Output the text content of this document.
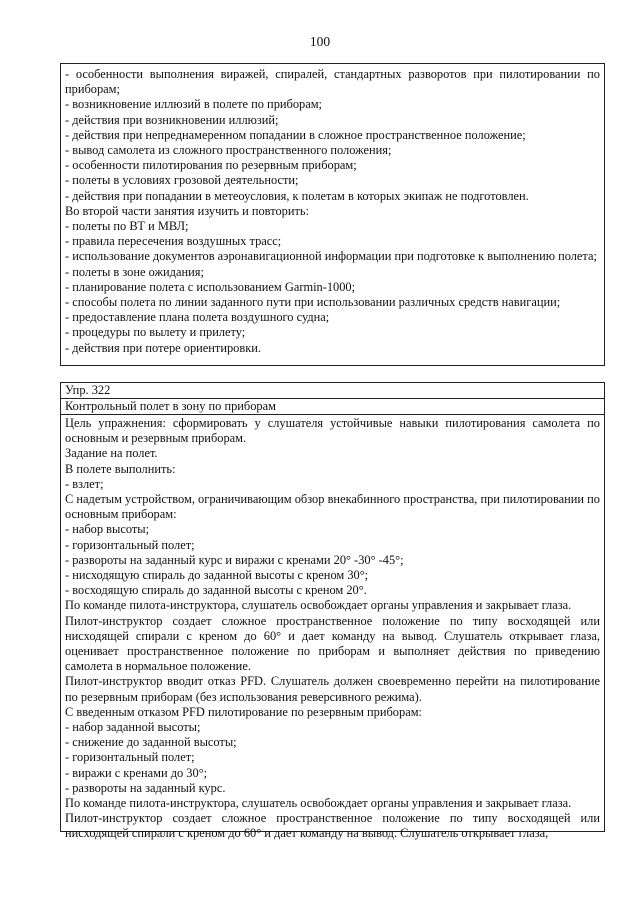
100

- особенности выполнения виражей, спиралей, стандартных разворотов при пилотировании по приборам;

- возникновение иллюзий в полете по приборам;

- действия при возникновении иллюзий;

- действия при непреднамеренном попадании в сложное пространственное положение;

- вывод самолета из сложного пространственного положения;

- особенности пилотирования по резервным приборам;

- полеты в условиях грозовой деятельности;

- действия при попадании в метеоусловия, к полетам в которых экипаж не подготовлен.

Во второй части занятия изучить и повторить:

- полеты по ВТ и МВЛ;

- правила пересечения воздушных трасс;

- использование документов аэронавигационной информации при подготовке к выполнению полета;

- полеты в зоне ожидания;

- планирование полета с использованием Garmin-1000;

- способы полета по линии заданного пути при использовании различных средств навигации;

- предоставление плана полета воздушного судна;

- процедуры по вылету и прилету;

- действия при потере ориентировки.

Упр. 322
Контрольный полет в зону по приборам

Цель упражнения: сформировать у слушателя устойчивые навыки пилотирования самолета по основным и резервным приборам.

Задание на полет.

В полете выполнить:

- взлет;

С надетым устройством, ограничивающим обзор внекабинного пространства, при пилотировании по основным приборам:

- набор высоты;

- горизонтальный полет;

- развороты на заданный курс и виражи с кренами 20° -30° -45°;

- нисходящую спираль до заданной высоты с креном 30°;

- восходящую спираль до заданной высоты с креном 20°.

По команде пилота-инструктора, слушатель освобождает органы управления и закрывает глаза.

Пилот-инструктор создает сложное пространственное положение по типу восходящей или нисходящей спирали с креном до 60° и дает команду на вывод. Слушатель открывает глаза, оценивает пространственное положение по приборам и выполняет действия по приведению самолета в нормальное положение.

Пилот-инструктор вводит отказ PFD. Слушатель должен своевременно перейти на пилотирование по резервным приборам (без использования реверсивного режима).

С введенным отказом PFD пилотирование по резервным приборам:

- набор заданной высоты;

- снижение до заданной высоты;

- горизонтальный полет;

- виражи с кренами до 30°;

- развороты на заданный курс.

По команде пилота-инструктора, слушатель освобождает органы управления и закрывает глаза.

Пилот-инструктор создает сложное пространственное положение по типу восходящей или нисходящей спирали с креном до 60° и дает команду на вывод. Слушатель открывает глаза,
